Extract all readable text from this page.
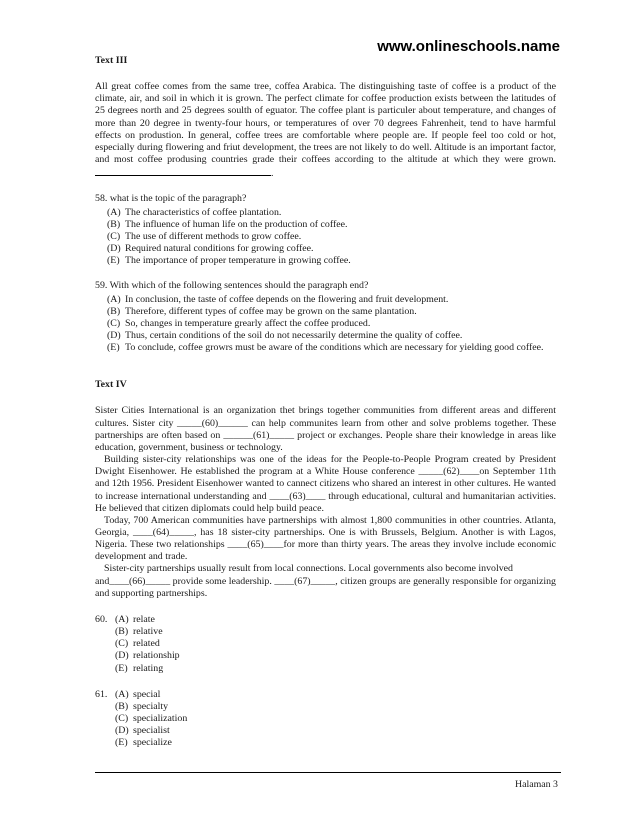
www.onlineschools.name
Text III

All great coffee comes from the same tree, coffea Arabica. The distinguishing taste of coffee is a product of the climate, air, and soil in which it is grown. The perfect climate for coffee production exists between the latitudes of 25 degrees north and 25 degrees soulth of eguator. The coffee plant is particuler about temperature, and changes of more than 20 degree in twenty-four hours, or temperatures of over 70 degrees Fahrenheit, tend to have harmful effects on produstion. In general, coffee trees are comfortable where people are. If people feel too cold or hot, especially during flowering and friut development, the trees are not likely to do well. Altitude is an important factor, and most coffee produsing countries grade their coffees according to the altitude at which they were grown..

58. what is the topic of the paragraph?
(A) The characteristics of coffee plantation.
(B) The influence of human life on the production of coffee.
(C) The use of different methods to grow coffee.
(D) Required natural conditions for growing coffee.
(E) The importance of proper temperature in growing coffee.
59. With which of the following sentences should the paragraph end?
(A) In conclusion, the taste of coffee depends on the flowering and fruit development.
(B) Therefore, different types of coffee may be grown on the same plantation.
(C) So, changes in temperature grearly affect the coffee produced.
(D) Thus, certain conditions of the soil do not necessarily determine the quality of coffee.
(E) To conclude, coffee growrs must be aware of the conditions which are necessary for yielding good coffee.
Text IV

Sister Cities International is an organization thet brings together communities from different areas and different cultures. Sister city _____(60)______ can help communites learn from other and solve problems together. These partnerships are often based on ______(61)_____ project or exchanges. People share their knowledge in areas like education, government, business or technology.

Building sister-city relationships was one of the ideas for the People-to-People Program created by President Dwight Eisenhower. He established the program at a White House conference _____(62)____on September 11th and 12th 1956. President Eisenhower wanted to cannect citizens who shared an interest in other cultures. He wanted to increase international understanding and ____(63)____ through educational, cultural and humanitarian activities. He believed that citizen diplomats could help build peace.

Today, 700 American communities have partnerships with almost 1,800 communities in other countries. Atlanta, Georgia, ____(64)_____, has 18 sister-city partnerships. One is with Brussels, Belgium. Another is with Lagos, Nigeria. These two relationships ____(65)____for more than thirty years. The areas they involve include economic development and trade.

Sister-city partnerships usually result from local connections. Local governments also become involved

and____(66)_____ provide some leadership. ____(67)_____, citizen groups are generally responsible for organizing and supporting partnerships.

60. (A) relate
(B) relative
(C) related
(D) relationship
(E) relating
61. (A) special
(B) specialty
(C) specialization
(D) specialist
(E) specialize
Halaman 3
